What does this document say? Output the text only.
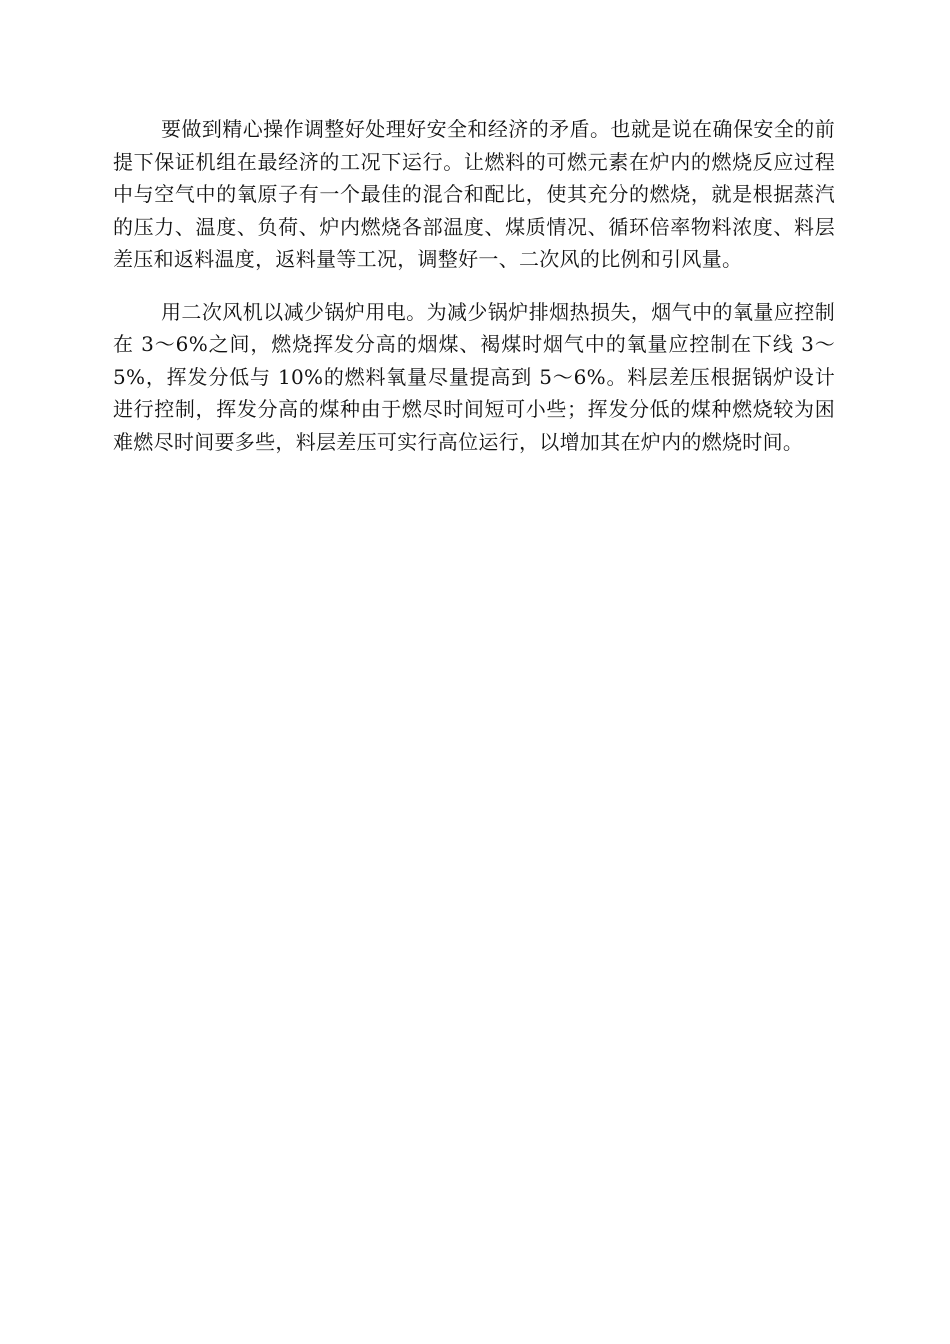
要做到精心操作调整好处理好安全和经济的矛盾。也就是说在确保安全的前提下保证机组在最经济的工况下运行。让燃料的可燃元素在炉内的燃烧反应过程中与空气中的氧原子有一个最佳的混合和配比，使其充分的燃烧，就是根据蒸汽的压力、温度、负荷、炉内燃烧各部温度、煤质情况、循环倍率物料浓度、料层差压和返料温度，返料量等工况，调整好一、二次风的比例和引风量。

用二次风机以减少锅炉用电。为减少锅炉排烟热损失，烟气中的氧量应控制在 3～6%之间，燃烧挥发分高的烟煤、褐煤时烟气中的氧量应控制在下线 3～5%，挥发分低与 10%的燃料氧量尽量提高到 5～6%。料层差压根据锅炉设计进行控制，挥发分高的煤种由于燃尽时间短可小些；挥发分低的煤种燃烧较为困难燃尽时间要多些，料层差压可实行高位运行，以增加其在炉内的燃烧时间。
